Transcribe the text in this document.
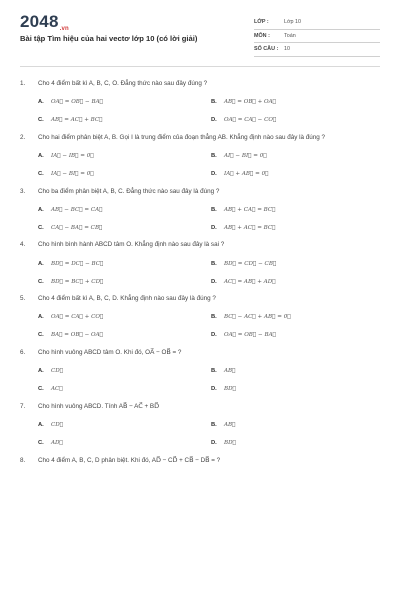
2048.vn
Bài tập Tìm hiệu của hai vectơ lớp 10 (có lời giải)
LỚP :	Lớp 10
MÔN :	Toán
SỐ CÂU :	10
1.	Cho 4 điểm bất kì A, B, C, O. Đẳng thức nào sau đây đúng ?
A.	OA⃗ = OB⃗ − BA⃗	B.	AB⃗ = OB⃗ + OA⃗
C.	AB⃗ = AC⃗ + BC⃗	D.	OA⃗ = CA⃗ − CO⃗
2.	Cho hai điểm phân biệt A, B. Gọi I là trung điểm của đoạn thẳng AB. Khẳng định nào sau đây là đúng ?
A.	IA⃗ − IB⃗ = 0⃗	B.	AI⃗ − BI⃗ = 0⃗
C.	IA⃗ − BI⃗ = 0⃗	D.	IA⃗ + AB⃗ = 0⃗
3.	Cho ba điểm phân biệt A, B, C. Đẳng thức nào sau đây là đúng ?
A.	AB⃗ − BC⃗ = CA⃗	B.	AB⃗ + CA⃗ = BC⃗
C.	CA⃗ − BA⃗ = CB⃗	D.	AB⃗ + AC⃗ = BC⃗
4.	Cho hình bình hành ABCD tâm O. Khẳng định nào sau đây là sai ?
A.	BD⃗ = DC⃗ − BC⃗	B.	BD⃗ = CD⃗ − CB⃗
C.	BD⃗ = BC⃗ + CD⃗	D.	AC⃗ = AB⃗ + AD⃗
5.	Cho 4 điểm bất kì A, B, C, D. Khẳng định nào sau đây là đúng ?
A.	OA⃗ = CA⃗ + CO⃗	B.	BC⃗ − AC⃗ + AB⃗ = 0⃗
C.	BA⃗ = OB⃗ − OA⃗	D.	OA⃗ = OB⃗ − BA⃗
6.	Cho hình vuông ABCD tâm O. Khi đó, OA⃗ − OB⃗ = ?
A.	CD⃗	B.	AB⃗
C.	AC⃗	D.	BD⃗
7.	Cho hình vuông ABCD. Tính AB⃗ − AC⃗ + BD⃗
A.	CD⃗	B.	AB⃗
C.	AD⃗	D.	BD⃗
8.	Cho 4 điểm A, B, C, D phân biệt. Khi đó, AD⃗ − CD⃗ + CB⃗ − DB⃗ = ?
